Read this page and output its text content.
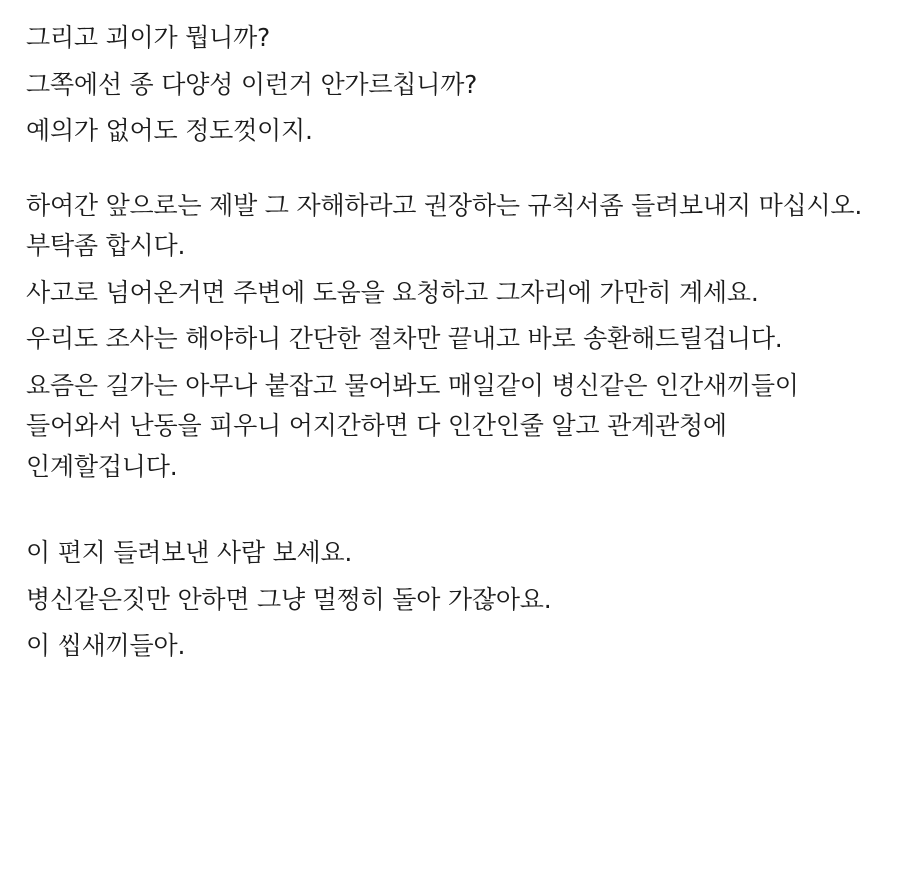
그리고 괴이가 뭡니까?

그쪽에선 종 다양성 이런거 안가르칩니까?

예의가 없어도 정도껏이지.

하여간 앞으로는 제발 그 자해하라고 권장하는 규칙서좀 들려보내지 마십시오. 부탁좀 합시다.

사고로 넘어온거면 주변에 도움을 요청하고 그자리에 가만히 계세요.

우리도 조사는 해야하니 간단한 절차만 끝내고 바로 송환해드릴겁니다.

요즘은 길가는 아무나 붙잡고 물어봐도 매일같이 병신같은 인간새끼들이 들어와서 난동을 피우니 어지간하면 다 인간인줄 알고 관계관청에 인계할겁니다.

이 편지 들려보낸 사람 보세요.

병신같은짓만 안하면 그냥 멀쩡히 돌아 가잖아요.

이 씹새끼들아.
